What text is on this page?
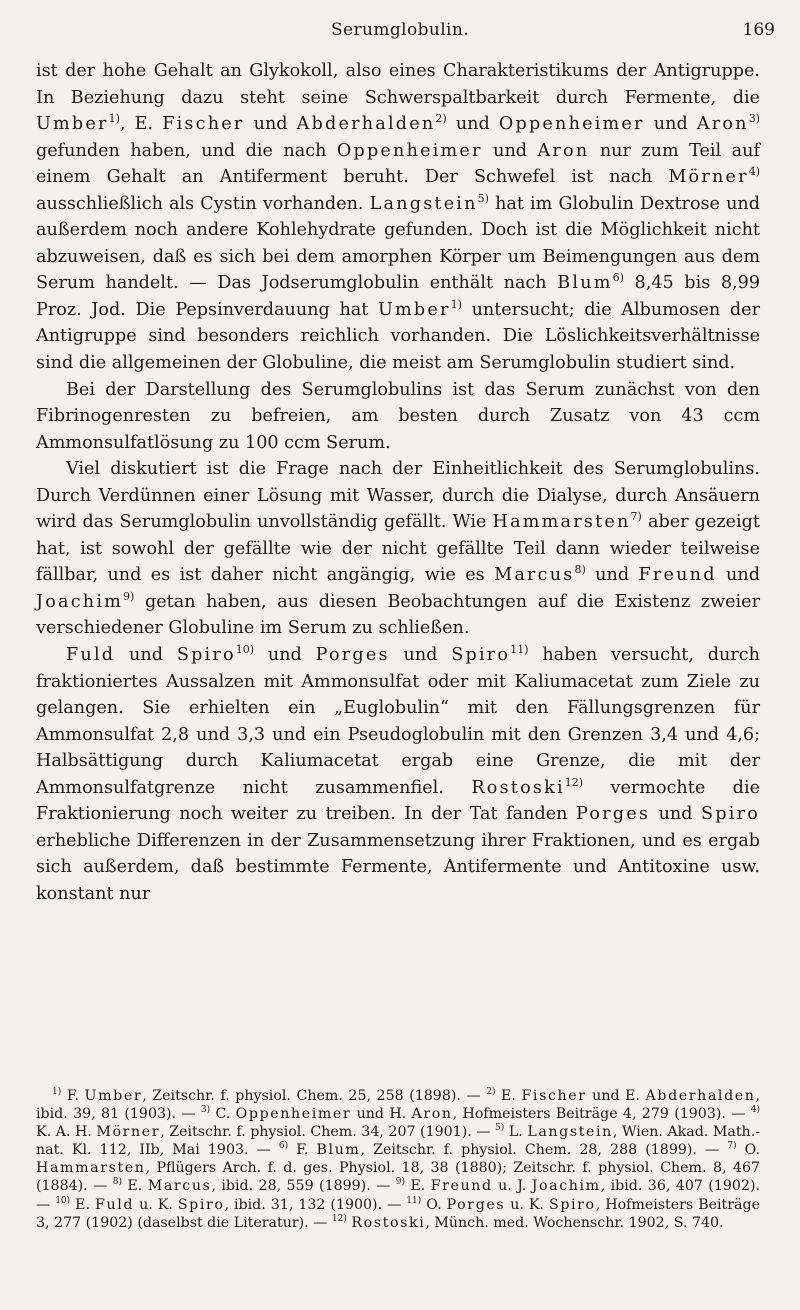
Serumglobulin.	169

ist der hohe Gehalt an Glykokoll, also eines Charakteristikums der Antigruppe. In Beziehung dazu steht seine Schwerspaltbarkeit durch Fermente, die Umber$^{1)}$, E. Fischer und Abderhalden$^{2)}$ und Oppenheimer und Aron$^{3)}$ gefunden haben, und die nach Oppenheimer und Aron nur zum Teil auf einem Gehalt an Antiferment beruht. Der Schwefel ist nach Mörner$^{4)}$ ausschließlich als Cystin vorhanden. Langstein$^{5)}$ hat im Globulin Dextrose und außerdem noch andere Kohlehydrate gefunden. Doch ist die Möglichkeit nicht abzuweisen, daß es sich bei dem amorphen Körper um Beimengungen aus dem Serum handelt. — Das Jodserumglobulin enthält nach Blum$^{6)}$ 8,45 bis 8,99 Proz. Jod. Die Pepsinverdauung hat Umber$^{1)}$ untersucht; die Albumosen der Antigruppe sind besonders reichlich vorhanden. Die Löslichkeitsverhältnisse sind die allgemeinen der Globuline, die meist am Serumglobulin studiert sind.

Bei der Darstellung des Serumglobulins ist das Serum zunächst von den Fibrinogenresten zu befreien, am besten durch Zusatz von 43 ccm Ammonsulfatlösung zu 100 ccm Serum.

Viel diskutiert ist die Frage nach der Einheitlichkeit des Serumglobulins. Durch Verdünnen einer Lösung mit Wasser, durch die Dialyse, durch Ansäuern wird das Serumglobulin unvollständig gefällt. Wie Hammarsten$^{7)}$ aber gezeigt hat, ist sowohl der gefällte wie der nicht gefällte Teil dann wieder teilweise fällbar, und es ist daher nicht angängig, wie es Marcus$^{8)}$ und Freund und Joachim$^{9)}$ getan haben, aus diesen Beobachtungen auf die Existenz zweier verschiedener Globuline im Serum zu schließen.

Fuld und Spiro$^{10)}$ und Porges und Spiro$^{11)}$ haben versucht, durch fraktioniertes Aussalzen mit Ammonsulfat oder mit Kaliumacetat zum Ziele zu gelangen. Sie erhielten ein „Euglobulin“ mit den Fällungsgrenzen für Ammonsulfat 2,8 und 3,3 und ein Pseudoglobulin mit den Grenzen 3,4 und 4,6; Halbsättigung durch Kaliumacetat ergab eine Grenze, die mit der Ammonsulfatgrenze nicht zusammenfiel. Rostoski$^{12)}$ vermochte die Fraktionierung noch weiter zu treiben. In der Tat fanden Porges und Spiro erhebliche Differenzen in der Zusammensetzung ihrer Fraktionen, und es ergab sich außerdem, daß bestimmte Fermente, Antifermente und Antitoxine usw. konstant nur

$^{1)}$ F. Umber, Zeitschr. f. physiol. Chem. 25, 258 (1898). — $^{2)}$ E. Fischer und E. Abderhalden, ibid. 39, 81 (1903). — $^{3)}$ C. Oppenheimer und H. Aron, Hofmeisters Beiträge 4, 279 (1903). — $^{4)}$ K. A. H. Mörner, Zeitschr. f. physiol. Chem. 34, 207 (1901). — $^{5)}$ L. Langstein, Wien. Akad. Math.-nat. Kl. 112, IIb, Mai 1903. — $^{6)}$ F. Blum, Zeitschr. f. physiol. Chem. 28, 288 (1899). — $^{7)}$ O. Hammarsten, Pflügers Arch. f. d. ges. Physiol. 18, 38 (1880); Zeitschr. f. physiol. Chem. 8, 467 (1884). — $^{8)}$ E. Marcus, ibid. 28, 559 (1899). — $^{9)}$ E. Freund u. J. Joachim, ibid. 36, 407 (1902). — $^{10)}$ E. Fuld u. K. Spiro, ibid. 31, 132 (1900). — $^{11)}$ O. Porges u. K. Spiro, Hofmeisters Beiträge 3, 277 (1902) (daselbst die Literatur). — $^{12)}$ Rostoski, Münch. med. Wochenschr. 1902, S. 740.
